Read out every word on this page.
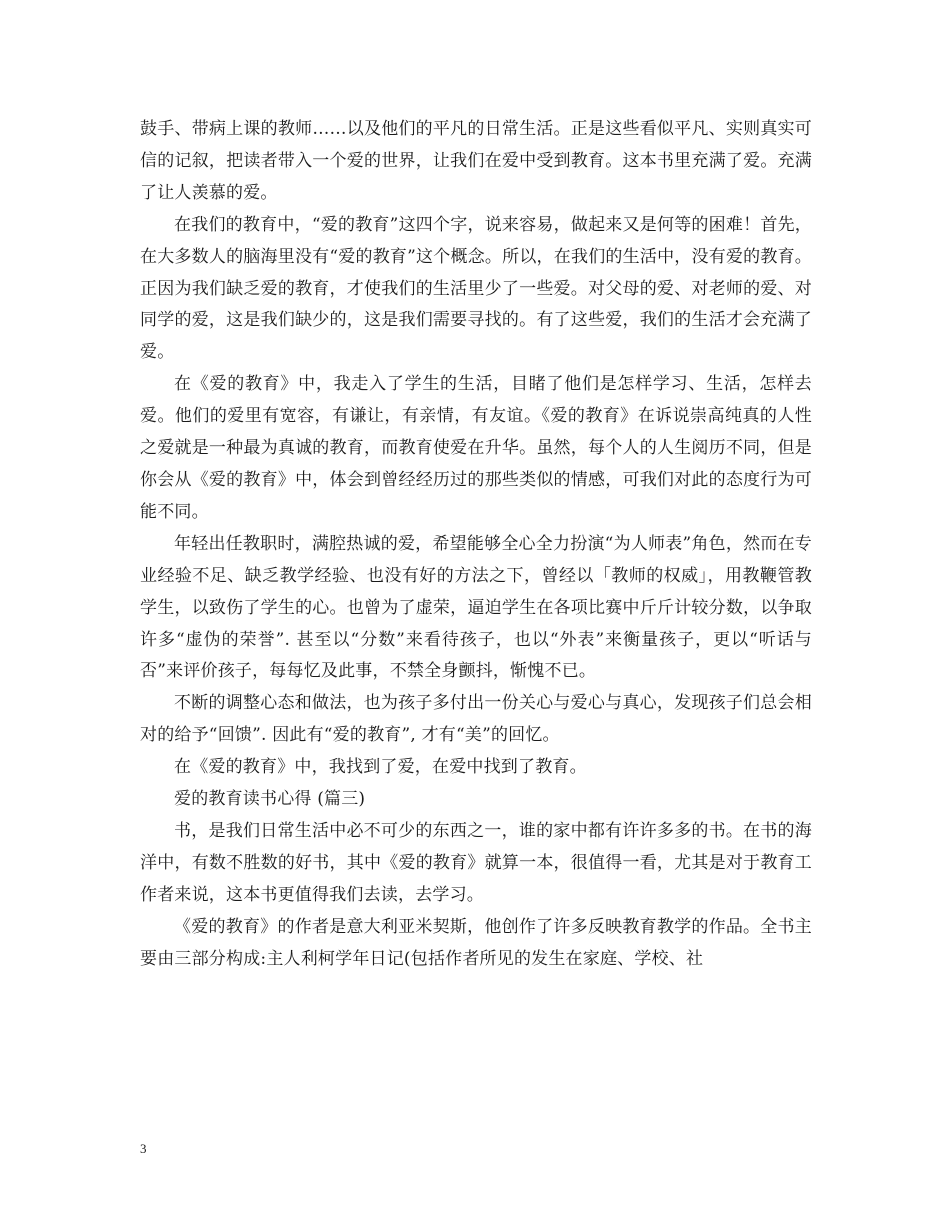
鼓手、带病上课的教师……以及他们的平凡的日常生活。正是这些看似平凡、实则真实可信的记叙，把读者带入一个爱的世界，让我们在爱中受到教育。这本书里充满了爱。充满了让人羡慕的爱。

在我们的教育中，“爱的教育”这四个字，说来容易，做起来又是何等的困难！首先，在大多数人的脑海里没有“爱的教育”这个概念。所以，在我们的生活中，没有爱的教育。正因为我们缺乏爱的教育，才使我们的生活里少了一些爱。对父母的爱、对老师的爱、对同学的爱，这是我们缺少的，这是我们需要寻找的。有了这些爱，我们的生活才会充满了爱。

在《爱的教育》中，我走入了学生的生活，目睹了他们是怎样学习、生活，怎样去爱。他们的爱里有宽容，有谦让，有亲情，有友谊。《爱的教育》在诉说崇高纯真的人性之爱就是一种最为真诚的教育，而教育使爱在升华。虽然，每个人的人生阅历不同，但是你会从《爱的教育》中，体会到曾经经历过的那些类似的情感，可我们对此的态度行为可能不同。

年轻出任教职时，满腔热诚的爱，希望能够全心全力扮演“为人师表”角色，然而在专业经验不足、缺乏教学经验、也没有好的方法之下，曾经以「教师的权威」，用教鞭管教学生，以致伤了学生的心。也曾为了虚荣，逼迫学生在各项比赛中斤斤计较分数，以争取许多“虚伪的荣誉”. 甚至以“分数”来看待孩子，也以“外表”来衡量孩子，更以“听话与否”来评价孩子，每每忆及此事，不禁全身颤抖，惭愧不已。

不断的调整心态和做法，也为孩子多付出一份关心与爱心与真心，发现孩子们总会相对的给予“回馈”. 因此有“爱的教育”, 才有“美”的回忆。

在《爱的教育》中，我找到了爱，在爱中找到了教育。

爱的教育读书心得 (篇三)

书，是我们日常生活中必不可少的东西之一，谁的家中都有许许多多的书。在书的海洋中，有数不胜数的好书，其中《爱的教育》就算一本，很值得一看，尤其是对于教育工作者来说，这本书更值得我们去读，去学习。

《爱的教育》的作者是意大利亚米契斯，他创作了许多反映教育教学的作品。全书主要由三部分构成:主人利柯学年日记(包括作者所见的发生在家庭、学校、社

3
